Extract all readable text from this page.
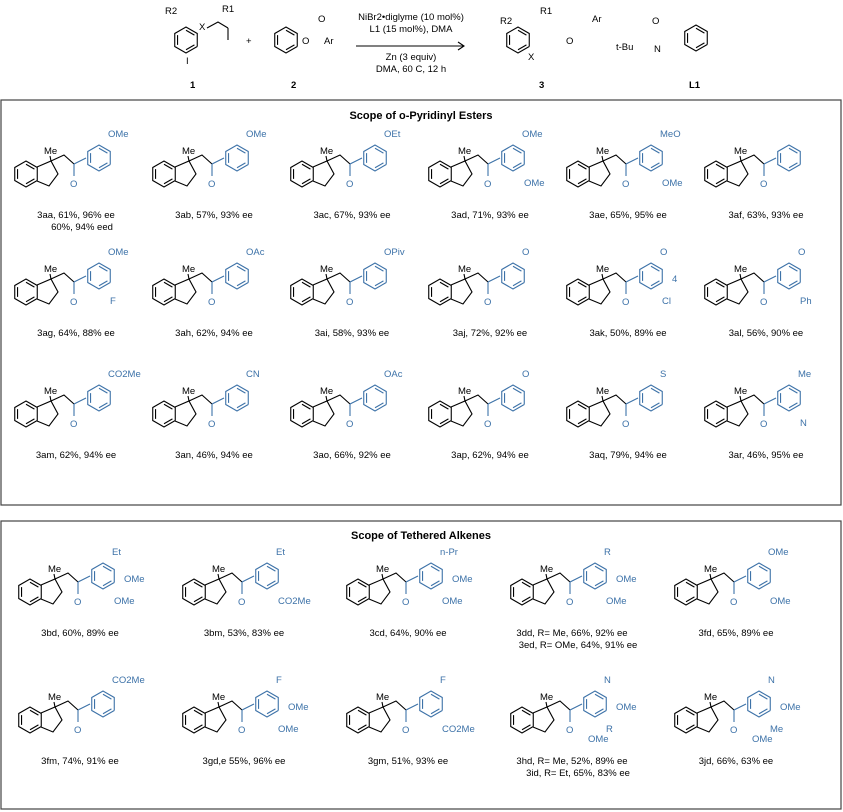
R2
X
R1
I
1
+	O
O
Ar
2
NiBr2•diglyme (10 mol%)
L1 (15 mol%), DMA
Zn (3 equiv)
DMA, 60 C, 12 h
R2
X
R1
O
Ar
3
t-Bu
O
N
L1
Scope of o-Pyridinyl Esters
Scope of Tethered Alkenes
Me
O
OMe
3aa, 61%, 96% ee
60%, 94% eed
Me
O
OMe
3ab, 57%, 93% ee
Me
O
OEt
3ac, 67%, 93% ee
Me
O
OMe
OMe
3ad, 71%, 93% ee
Me
O
MeO
OMe
3ae, 65%, 95% ee
Me
O
3af, 63%, 93% ee
Me
O
OMe
F
3ag, 64%, 88% ee
Me
O
OAc
3ah, 62%, 94% ee
Me
O
OPiv
3ai, 58%, 93% ee
Me
O
O
3aj, 72%, 92% ee
Me
O
O
Cl
4
3ak, 50%, 89% ee
Me
O
O
Ph
3al, 56%, 90% ee
Me
O
CO2Me
3am, 62%, 94% ee
Me
O
CN
3an, 46%, 94% ee
Me
O
OAc
3ao, 66%, 92% ee
Me
O
O
3ap, 62%, 94% ee
Me
O
S
3aq, 79%, 94% ee
Me
O
Me
N
3ar, 46%, 95% ee
Me
O
Et
OMe
OMe
3bd, 60%, 89% ee
Me
O
Et
CO2Me
3bm, 53%, 83% ee
Me
O
n-Pr
OMe
OMe
3cd, 64%, 90% ee
Me
O
R
OMe
OMe
3dd, R= Me, 66%, 92% ee
3ed, R= OMe, 64%, 91% ee
Me
O
OMe
OMe
3fd, 65%, 89% ee
Me
O
CO2Me
3fm, 74%, 91% ee
Me
O
F
OMe
OMe
3gd,e 55%, 96% ee
Me
O
F
CO2Me
3gm, 51%, 93% ee
Me
O
N
R
OMe
OMe
3hd, R= Me, 52%, 89% ee
3id, R= Et, 65%, 83% ee
Me
O
N
Me
OMe
OMe
3jd, 66%, 63% ee
